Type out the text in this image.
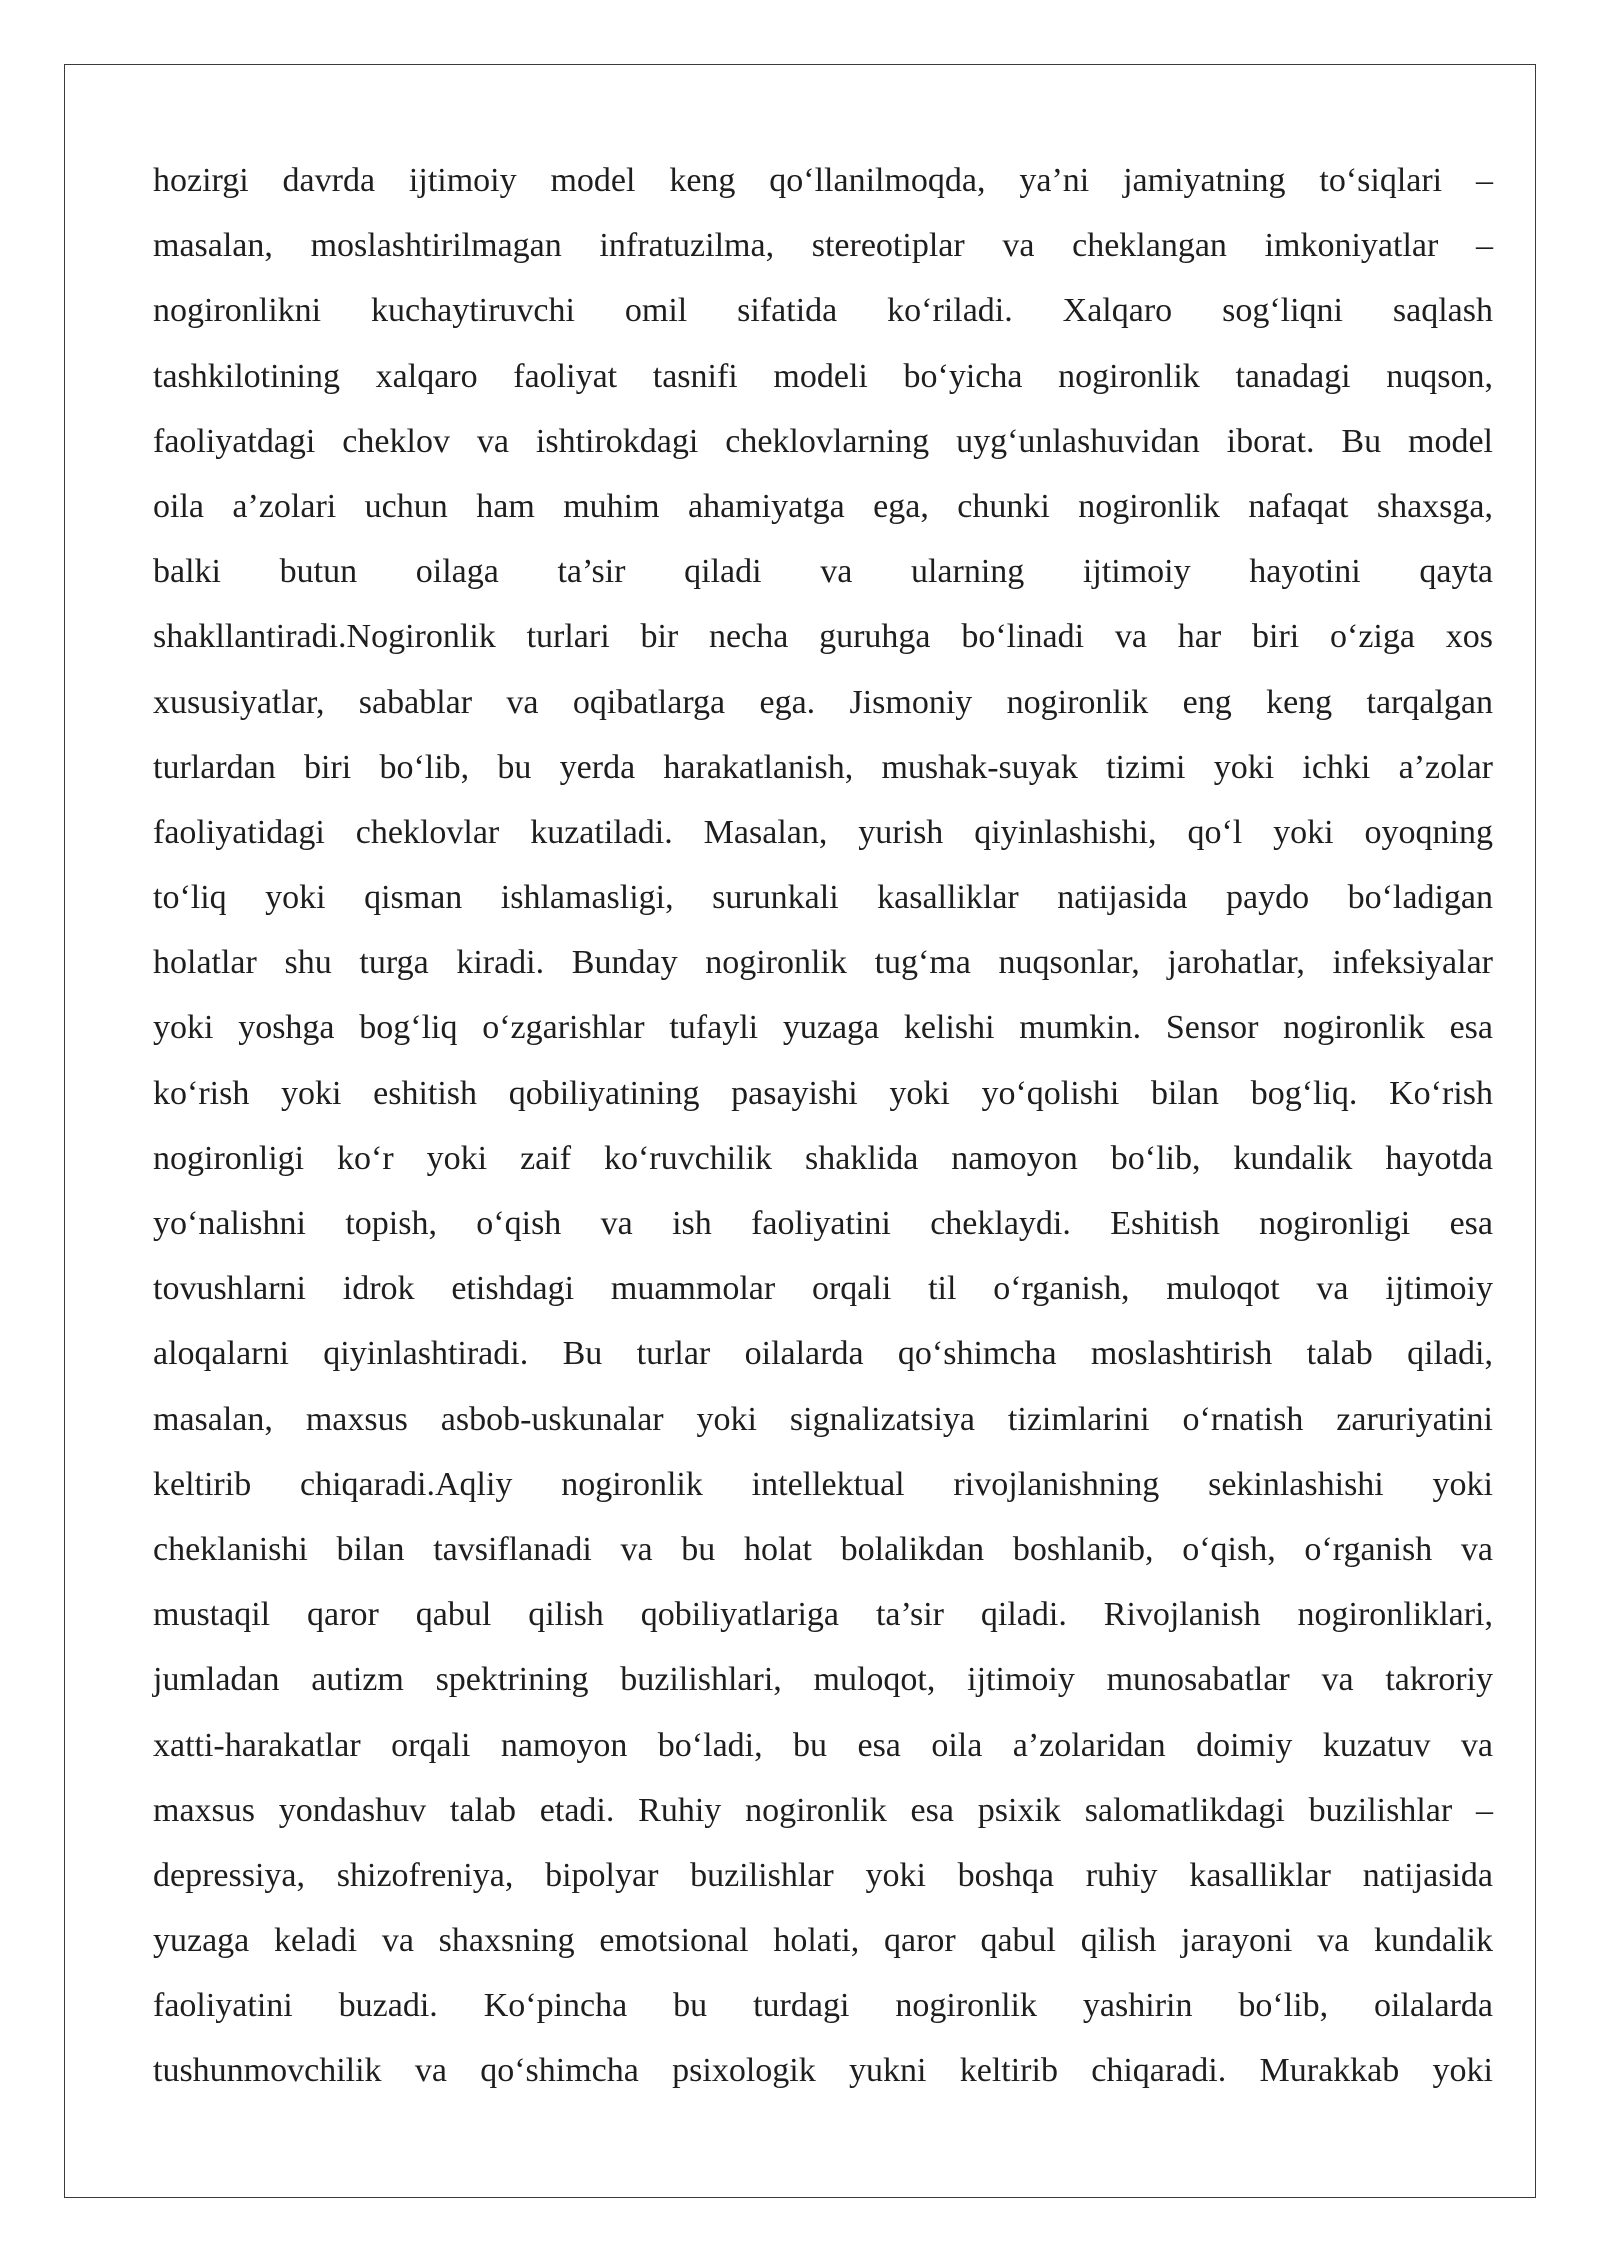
hozirgi davrda ijtimoiy model keng qo‘llanilmoqda, ya’ni jamiyatning to‘siqlari –
masalan, moslashtirilmagan infratuzilma, stereotiplar va cheklangan imkoniyatlar –
nogironlikni kuchaytiruvchi omil sifatida ko‘riladi. Xalqaro sog‘liqni saqlash
tashkilotining xalqaro faoliyat tasnifi modeli bo‘yicha nogironlik tanadagi nuqson,
faoliyatdagi cheklov va ishtirokdagi cheklovlarning uyg‘unlashuvidan iborat. Bu model
oila a’zolari uchun ham muhim ahamiyatga ega, chunki nogironlik nafaqat shaxsga,
balki butun oilaga ta’sir qiladi va ularning ijtimoiy hayotini qayta
shakllantiradi.Nogironlik turlari bir necha guruhga bo‘linadi va har biri o‘ziga xos
xususiyatlar, sabablar va oqibatlarga ega. Jismoniy nogironlik eng keng tarqalgan
turlardan biri bo‘lib, bu yerda harakatlanish, mushak-suyak tizimi yoki ichki a’zolar
faoliyatidagi cheklovlar kuzatiladi. Masalan, yurish qiyinlashishi, qo‘l yoki oyoqning
to‘liq yoki qisman ishlamasligi, surunkali kasalliklar natijasida paydo bo‘ladigan
holatlar shu turga kiradi. Bunday nogironlik tug‘ma nuqsonlar, jarohatlar, infeksiyalar
yoki yoshga bog‘liq o‘zgarishlar tufayli yuzaga kelishi mumkin. Sensor nogironlik esa
ko‘rish yoki eshitish qobiliyatining pasayishi yoki yo‘qolishi bilan bog‘liq. Ko‘rish
nogironligi ko‘r yoki zaif ko‘ruvchilik shaklida namoyon bo‘lib, kundalik hayotda
yo‘nalishni topish, o‘qish va ish faoliyatini cheklaydi. Eshitish nogironligi esa
tovushlarni idrok etishdagi muammolar orqali til o‘rganish, muloqot va ijtimoiy
aloqalarni qiyinlashtiradi. Bu turlar oilalarda qo‘shimcha moslashtirish talab qiladi,
masalan, maxsus asbob-uskunalar yoki signalizatsiya tizimlarini o‘rnatish zaruriyatini
keltirib chiqaradi.Aqliy nogironlik intellektual rivojlanishning sekinlashishi yoki
cheklanishi bilan tavsiflanadi va bu holat bolalikdan boshlanib, o‘qish, o‘rganish va
mustaqil qaror qabul qilish qobiliyatlariga ta’sir qiladi. Rivojlanish nogironliklari,
jumladan autizm spektrining buzilishlari, muloqot, ijtimoiy munosabatlar va takroriy
xatti-harakatlar orqali namoyon bo‘ladi, bu esa oila a’zolaridan doimiy kuzatuv va
maxsus yondashuv talab etadi. Ruhiy nogironlik esa psixik salomatlikdagi buzilishlar –
depressiya, shizofreniya, bipolyar buzilishlar yoki boshqa ruhiy kasalliklar natijasida
yuzaga keladi va shaxsning emotsional holati, qaror qabul qilish jarayoni va kundalik
faoliyatini buzadi. Ko‘pincha bu turdagi nogironlik yashirin bo‘lib, oilalarda
tushunmovchilik va qo‘shimcha psixologik yukni keltirib chiqaradi. Murakkab yoki
